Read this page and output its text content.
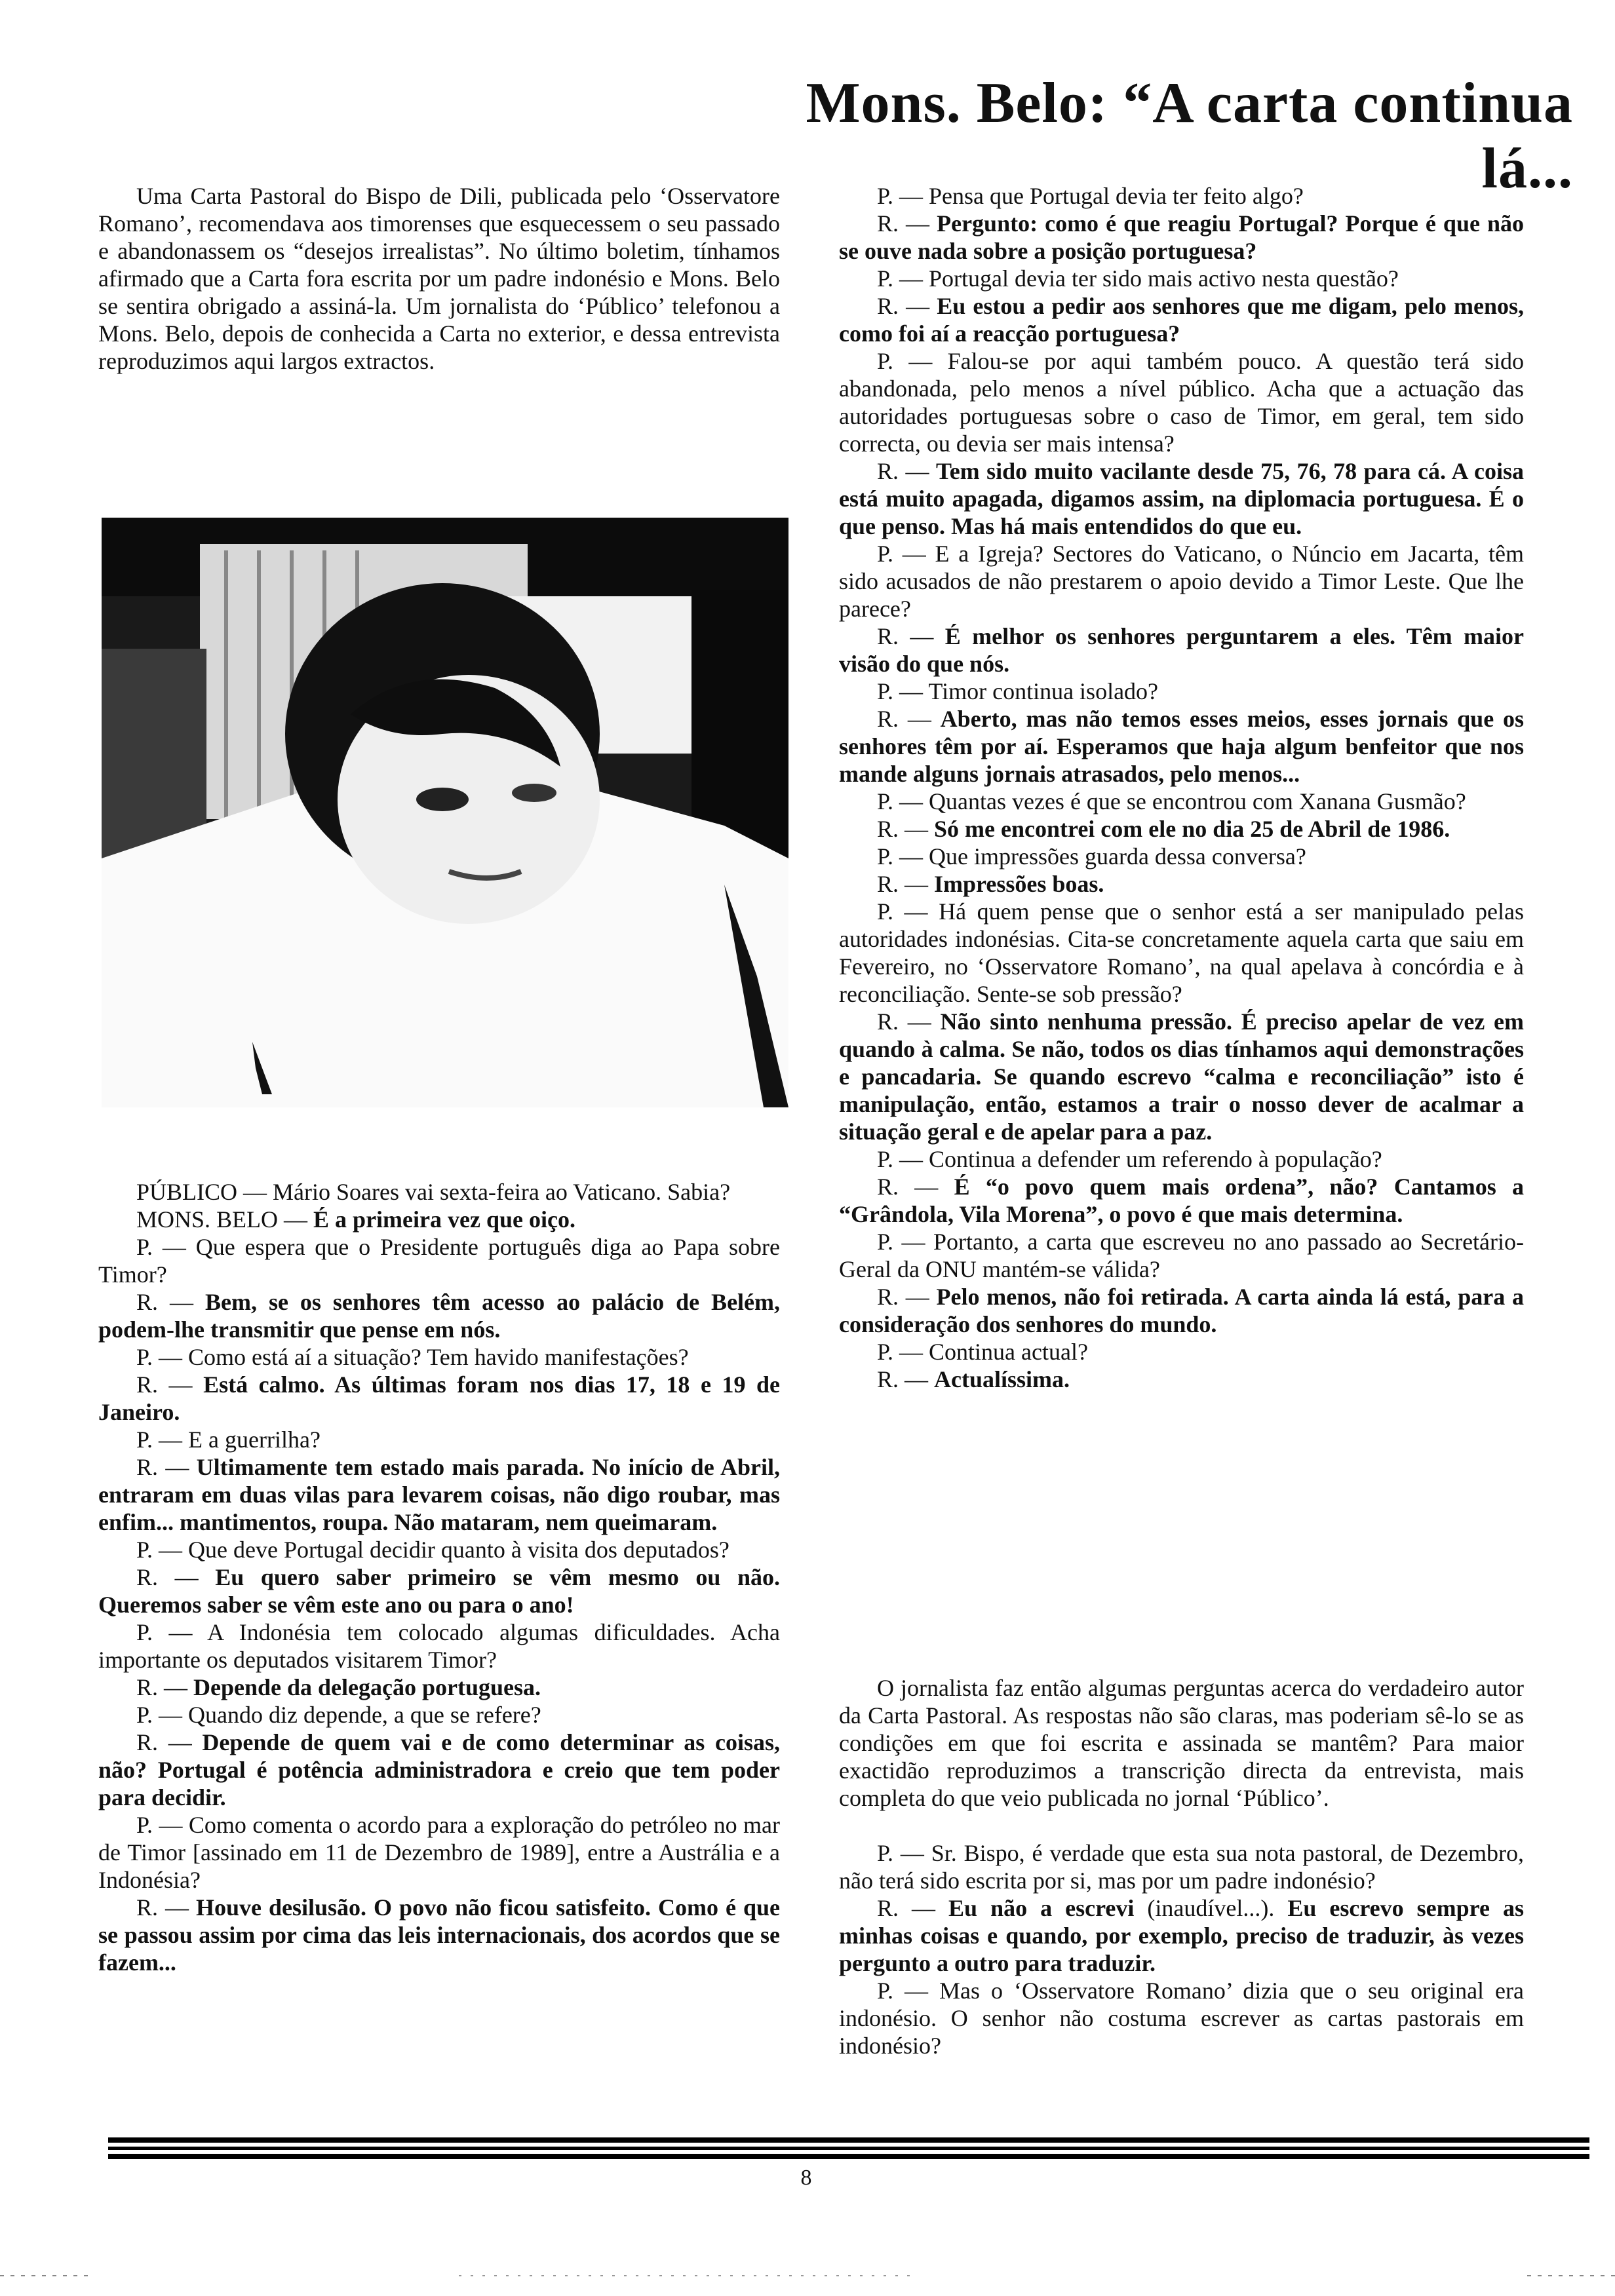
Mons. Belo: “A carta continua lá...

Uma Carta Pastoral do Bispo de Dili, publicada pelo ‘Osservatore Romano’, recomendava aos timorenses que esquecessem o seu passado e abandonassem os “desejos irrealistas”. No último boletim, tínhamos afirmado que a Carta fora escrita por um padre indonésio e Mons. Belo se sentira obrigado a assiná-la. Um jornalista do ‘Público’ telefonou a Mons. Belo, depois de conhecida a Carta no exterior, e dessa entrevista reproduzimos aqui largos extractos.

PÚBLICO — Mário Soares vai sexta-feira ao Vaticano. Sabia?

MONS. BELO — É a primeira vez que oiço.

P. — Que espera que o Presidente português diga ao Papa sobre Timor?

R. — Bem, se os senhores têm acesso ao palácio de Belém, podem-lhe transmitir que pense em nós.

P. — Como está aí a situação? Tem havido manifestações?

R. — Está calmo. As últimas foram nos dias 17, 18 e 19 de Janeiro.

P. — E a guerrilha?

R. — Ultimamente tem estado mais parada. No início de Abril, entraram em duas vilas para levarem coisas, não digo roubar, mas enfim... mantimentos, roupa. Não mataram, nem queimaram.

P. — Que deve Portugal decidir quanto à visita dos deputados?

R. — Eu quero saber primeiro se vêm mesmo ou não. Queremos saber se vêm este ano ou para o ano!

P. — A Indonésia tem colocado algumas dificuldades. Acha importante os deputados visitarem Timor?

R. — Depende da delegação portuguesa.

P. — Quando diz depende, a que se refere?

R. — Depende de quem vai e de como determinar as coisas, não? Portugal é potência administradora e creio que tem poder para decidir.

P. — Como comenta o acordo para a exploração do petróleo no mar de Timor [assinado em 11 de Dezembro de 1989], entre a Austrália e a Indonésia?

R. — Houve desilusão. O povo não ficou satisfeito. Como é que se passou assim por cima das leis internacionais, dos acordos que se fazem...

P. — Pensa que Portugal devia ter feito algo?

R. — Pergunto: como é que reagiu Portugal? Porque é que não se ouve nada sobre a posição portuguesa?

P. — Portugal devia ter sido mais activo nesta questão?

R. — Eu estou a pedir aos senhores que me digam, pelo menos, como foi aí a reacção portuguesa?

P. — Falou-se por aqui também pouco. A questão terá sido abandonada, pelo menos a nível público. Acha que a actuação das autoridades portuguesas sobre o caso de Timor, em geral, tem sido correcta, ou devia ser mais intensa?

R. — Tem sido muito vacilante desde 75, 76, 78 para cá. A coisa está muito apagada, digamos assim, na diplomacia portuguesa. É o que penso. Mas há mais entendidos do que eu.

P. — E a Igreja? Sectores do Vaticano, o Núncio em Jacarta, têm sido acusados de não prestarem o apoio devido a Timor Leste. Que lhe parece?

R. — É melhor os senhores perguntarem a eles. Têm maior visão do que nós.

P. — Timor continua isolado?

R. — Aberto, mas não temos esses meios, esses jornais que os senhores têm por aí. Esperamos que haja algum benfeitor que nos mande alguns jornais atrasados, pelo menos...

P. — Quantas vezes é que se encontrou com Xanana Gusmão?

R. — Só me encontrei com ele no dia 25 de Abril de 1986.

P. — Que impressões guarda dessa conversa?

R. — Impressões boas.

P. — Há quem pense que o senhor está a ser manipulado pelas autoridades indonésias. Cita-se concretamente aquela carta que saiu em Fevereiro, no ‘Osservatore Romano’, na qual apelava à concórdia e à reconciliação. Sente-se sob pressão?

R. — Não sinto nenhuma pressão. É preciso apelar de vez em quando à calma. Se não, todos os dias tínhamos aqui demonstrações e pancadaria. Se quando escrevo “calma e reconciliação” isto é manipulação, então, estamos a trair o nosso dever de acalmar a situação geral e de apelar para a paz.

P. — Continua a defender um referendo à população?

R. — É “o povo quem mais ordena”, não? Cantamos a “Grândola, Vila Morena”, o povo é que mais determina.

P. — Portanto, a carta que escreveu no ano passado ao Secretário-Geral da ONU mantém-se válida?

R. — Pelo menos, não foi retirada. A carta ainda lá está, para a consideração dos senhores do mundo.

P. — Continua actual?

R. — Actualíssima.

O jornalista faz então algumas perguntas acerca do verdadeiro autor da Carta Pastoral. As respostas não são claras, mas poderiam sê-lo se as condições em que foi escrita e assinada se mantêm? Para maior exactidão reproduzimos a transcrição directa da entrevista, mais completa do que veio publicada no jornal ‘Público’.

P. — Sr. Bispo, é verdade que esta sua nota pastoral, de Dezembro, não terá sido escrita por si, mas por um padre indonésio?

R. — Eu não a escrevi (inaudível...). Eu escrevo sempre as minhas coisas e quando, por exemplo, preciso de traduzir, às vezes pergunto a outro para traduzir.

P. — Mas o ‘Osservatore Romano’ dizia que o seu original era indonésio. O senhor não costuma escrever as cartas pastorais em indonésio?

8
